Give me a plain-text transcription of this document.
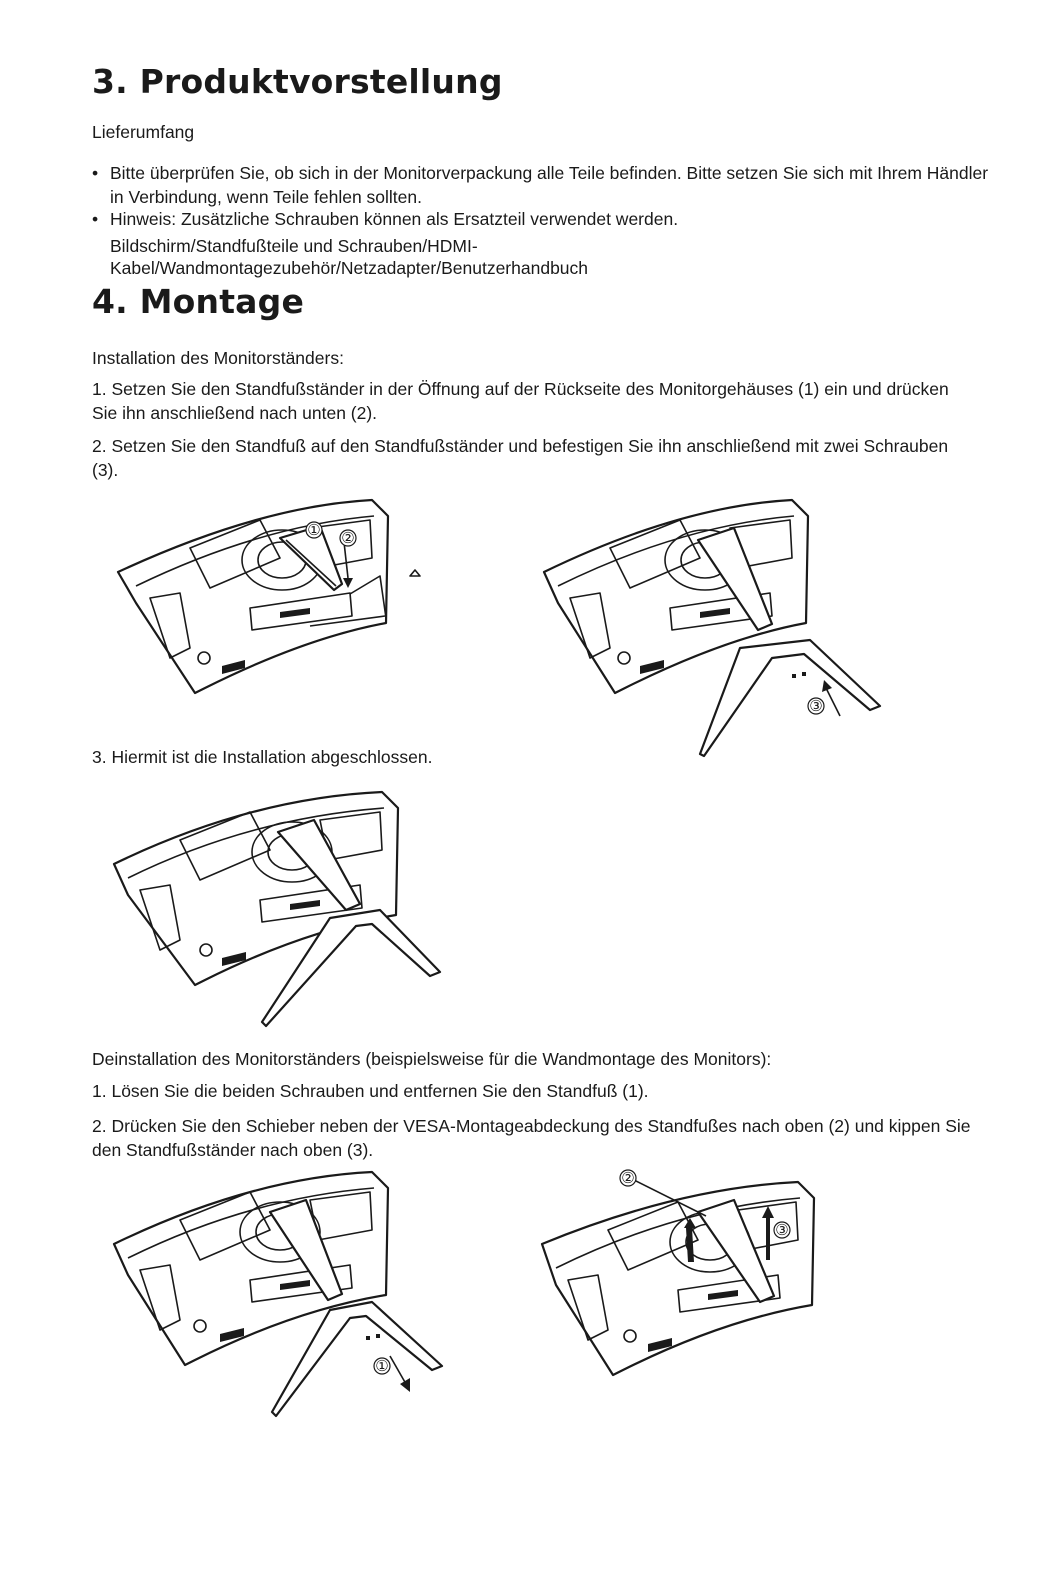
3. Produktvorstellung
Lieferumfang
• Bitte überprüfen Sie, ob sich in der Monitorverpackung alle Teile befinden. Bitte setzen Sie sich mit Ihrem Händler in Verbindung, wenn Teile fehlen sollten.
• Hinweis: Zusätzliche Schrauben können als Ersatzteil verwendet werden.
Bildschirm/Standfußteile und Schrauben/HDMI-
Kabel/Wandmontagezubehör/Netzadapter/Benutzerhandbuch
4. Montage
Installation des Monitorständers:
1. Setzen Sie den Standfußständer in der Öffnung auf der Rückseite des Monitorgehäuses (1) ein und drücken Sie ihn anschließend nach unten (2).
2. Setzen Sie den Standfuß auf den Standfußständer und befestigen Sie ihn anschließend mit zwei Schrauben (3).
① ②
③
3. Hiermit ist die Installation abgeschlossen.
Deinstallation des Monitorständers (beispielsweise für die Wandmontage des Monitors):
1. Lösen Sie die beiden Schrauben und entfernen Sie den Standfuß (1).
2. Drücken Sie den Schieber neben der VESA-Montageabdeckung des Standfußes nach oben (2) und kippen Sie den Standfußständer nach oben (3).
①
②
③
